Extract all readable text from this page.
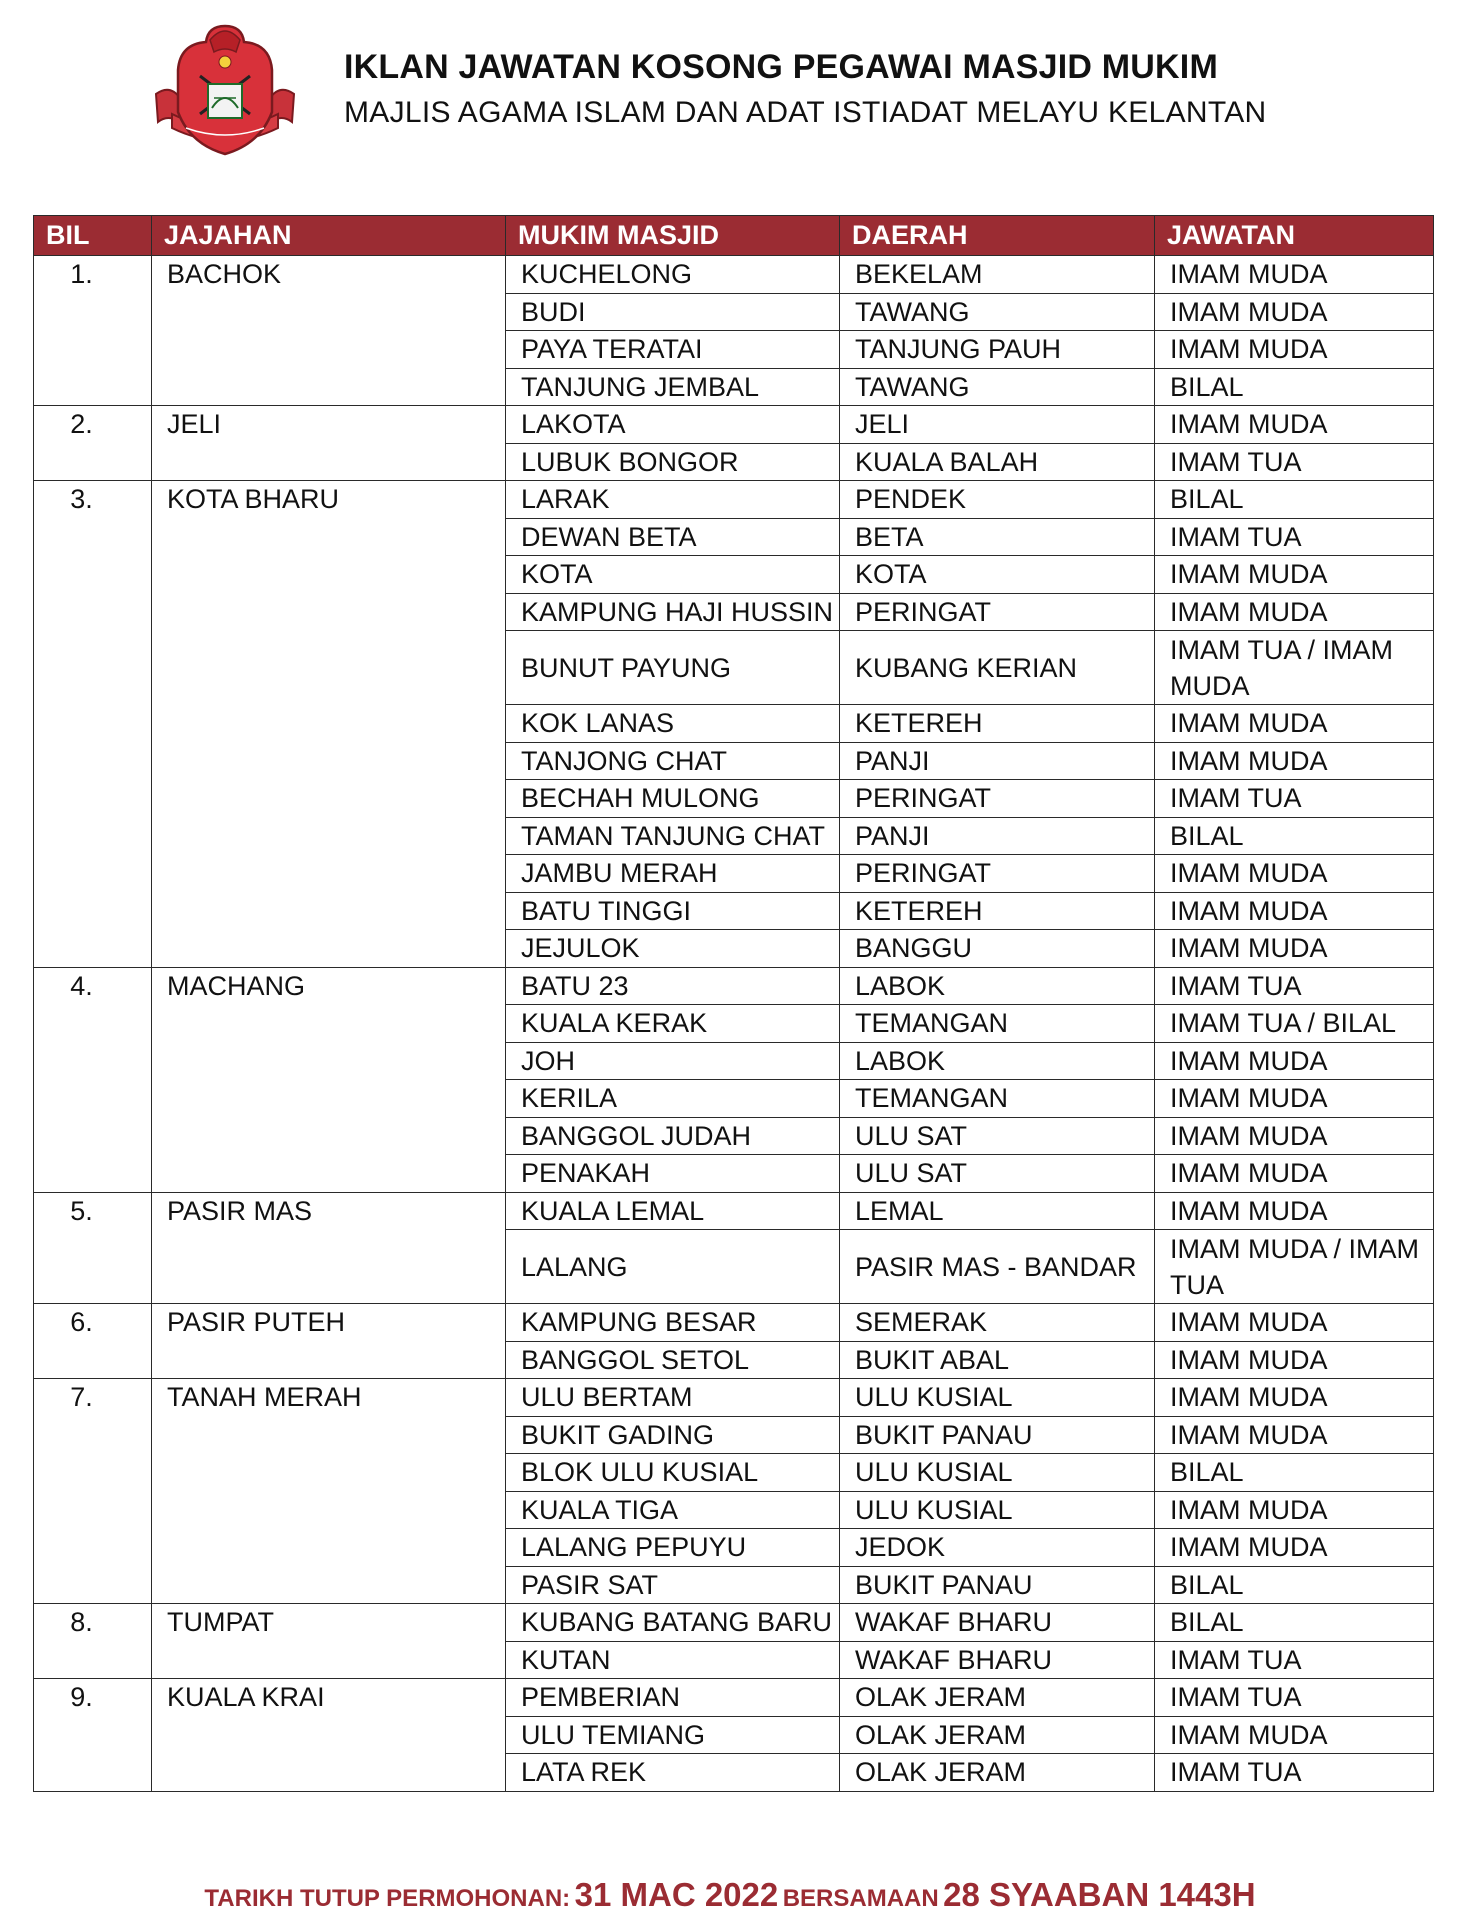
IKLAN JAWATAN KOSONG PEGAWAI MASJID MUKIM
MAJLIS AGAMA ISLAM DAN ADAT ISTIADAT MELAYU KELANTAN
BIL	JAJAHAN	MUKIM MASJID	DAERAH	JAWATAN
1.	BACHOK	KUCHELONG	BEKELAM	IMAM MUDA
		BUDI	TAWANG	IMAM MUDA
		PAYA TERATAI	TANJUNG PAUH	IMAM MUDA
		TANJUNG JEMBAL	TAWANG	BILAL
2.	JELI	LAKOTA	JELI	IMAM MUDA
		LUBUK BONGOR	KUALA BALAH	IMAM TUA
3.	KOTA BHARU	LARAK	PENDEK	BILAL
		DEWAN BETA	BETA	IMAM TUA
		KOTA	KOTA	IMAM MUDA
		KAMPUNG HAJI HUSSIN	PERINGAT	IMAM MUDA
		BUNUT PAYUNG	KUBANG KERIAN	IMAM TUA / IMAM MUDA
		KOK LANAS	KETEREH	IMAM MUDA
		TANJONG CHAT	PANJI	IMAM MUDA
		BECHAH MULONG	PERINGAT	IMAM TUA
		TAMAN TANJUNG CHAT	PANJI	BILAL
		JAMBU MERAH	PERINGAT	IMAM MUDA
		BATU TINGGI	KETEREH	IMAM MUDA
		JEJULOK	BANGGU	IMAM MUDA
4.	MACHANG	BATU 23	LABOK	IMAM TUA
		KUALA KERAK	TEMANGAN	IMAM TUA / BILAL
		JOH	LABOK	IMAM MUDA
		KERILA	TEMANGAN	IMAM MUDA
		BANGGOL JUDAH	ULU SAT	IMAM MUDA
		PENAKAH	ULU SAT	IMAM MUDA
5.	PASIR MAS	KUALA LEMAL	LEMAL	IMAM MUDA
		LALANG	PASIR MAS - BANDAR	IMAM MUDA / IMAM TUA
6.	PASIR PUTEH	KAMPUNG BESAR	SEMERAK	IMAM MUDA
		BANGGOL SETOL	BUKIT ABAL	IMAM MUDA
7.	TANAH MERAH	ULU BERTAM	ULU KUSIAL	IMAM MUDA
		BUKIT GADING	BUKIT PANAU	IMAM MUDA
		BLOK ULU KUSIAL	ULU KUSIAL	BILAL
		KUALA TIGA	ULU KUSIAL	IMAM MUDA
		LALANG PEPUYU	JEDOK	IMAM MUDA
		PASIR SAT	BUKIT PANAU	BILAL
8.	TUMPAT	KUBANG BATANG BARU	WAKAF BHARU	BILAL
		KUTAN	WAKAF BHARU	IMAM TUA
9.	KUALA KRAI	PEMBERIAN	OLAK JERAM	IMAM TUA
		ULU TEMIANG	OLAK JERAM	IMAM MUDA
		LATA REK	OLAK JERAM	IMAM TUA
TARIKH TUTUP PERMOHONAN: 31 MAC 2022 BERSAMAAN 28 SYAABAN 1443H
